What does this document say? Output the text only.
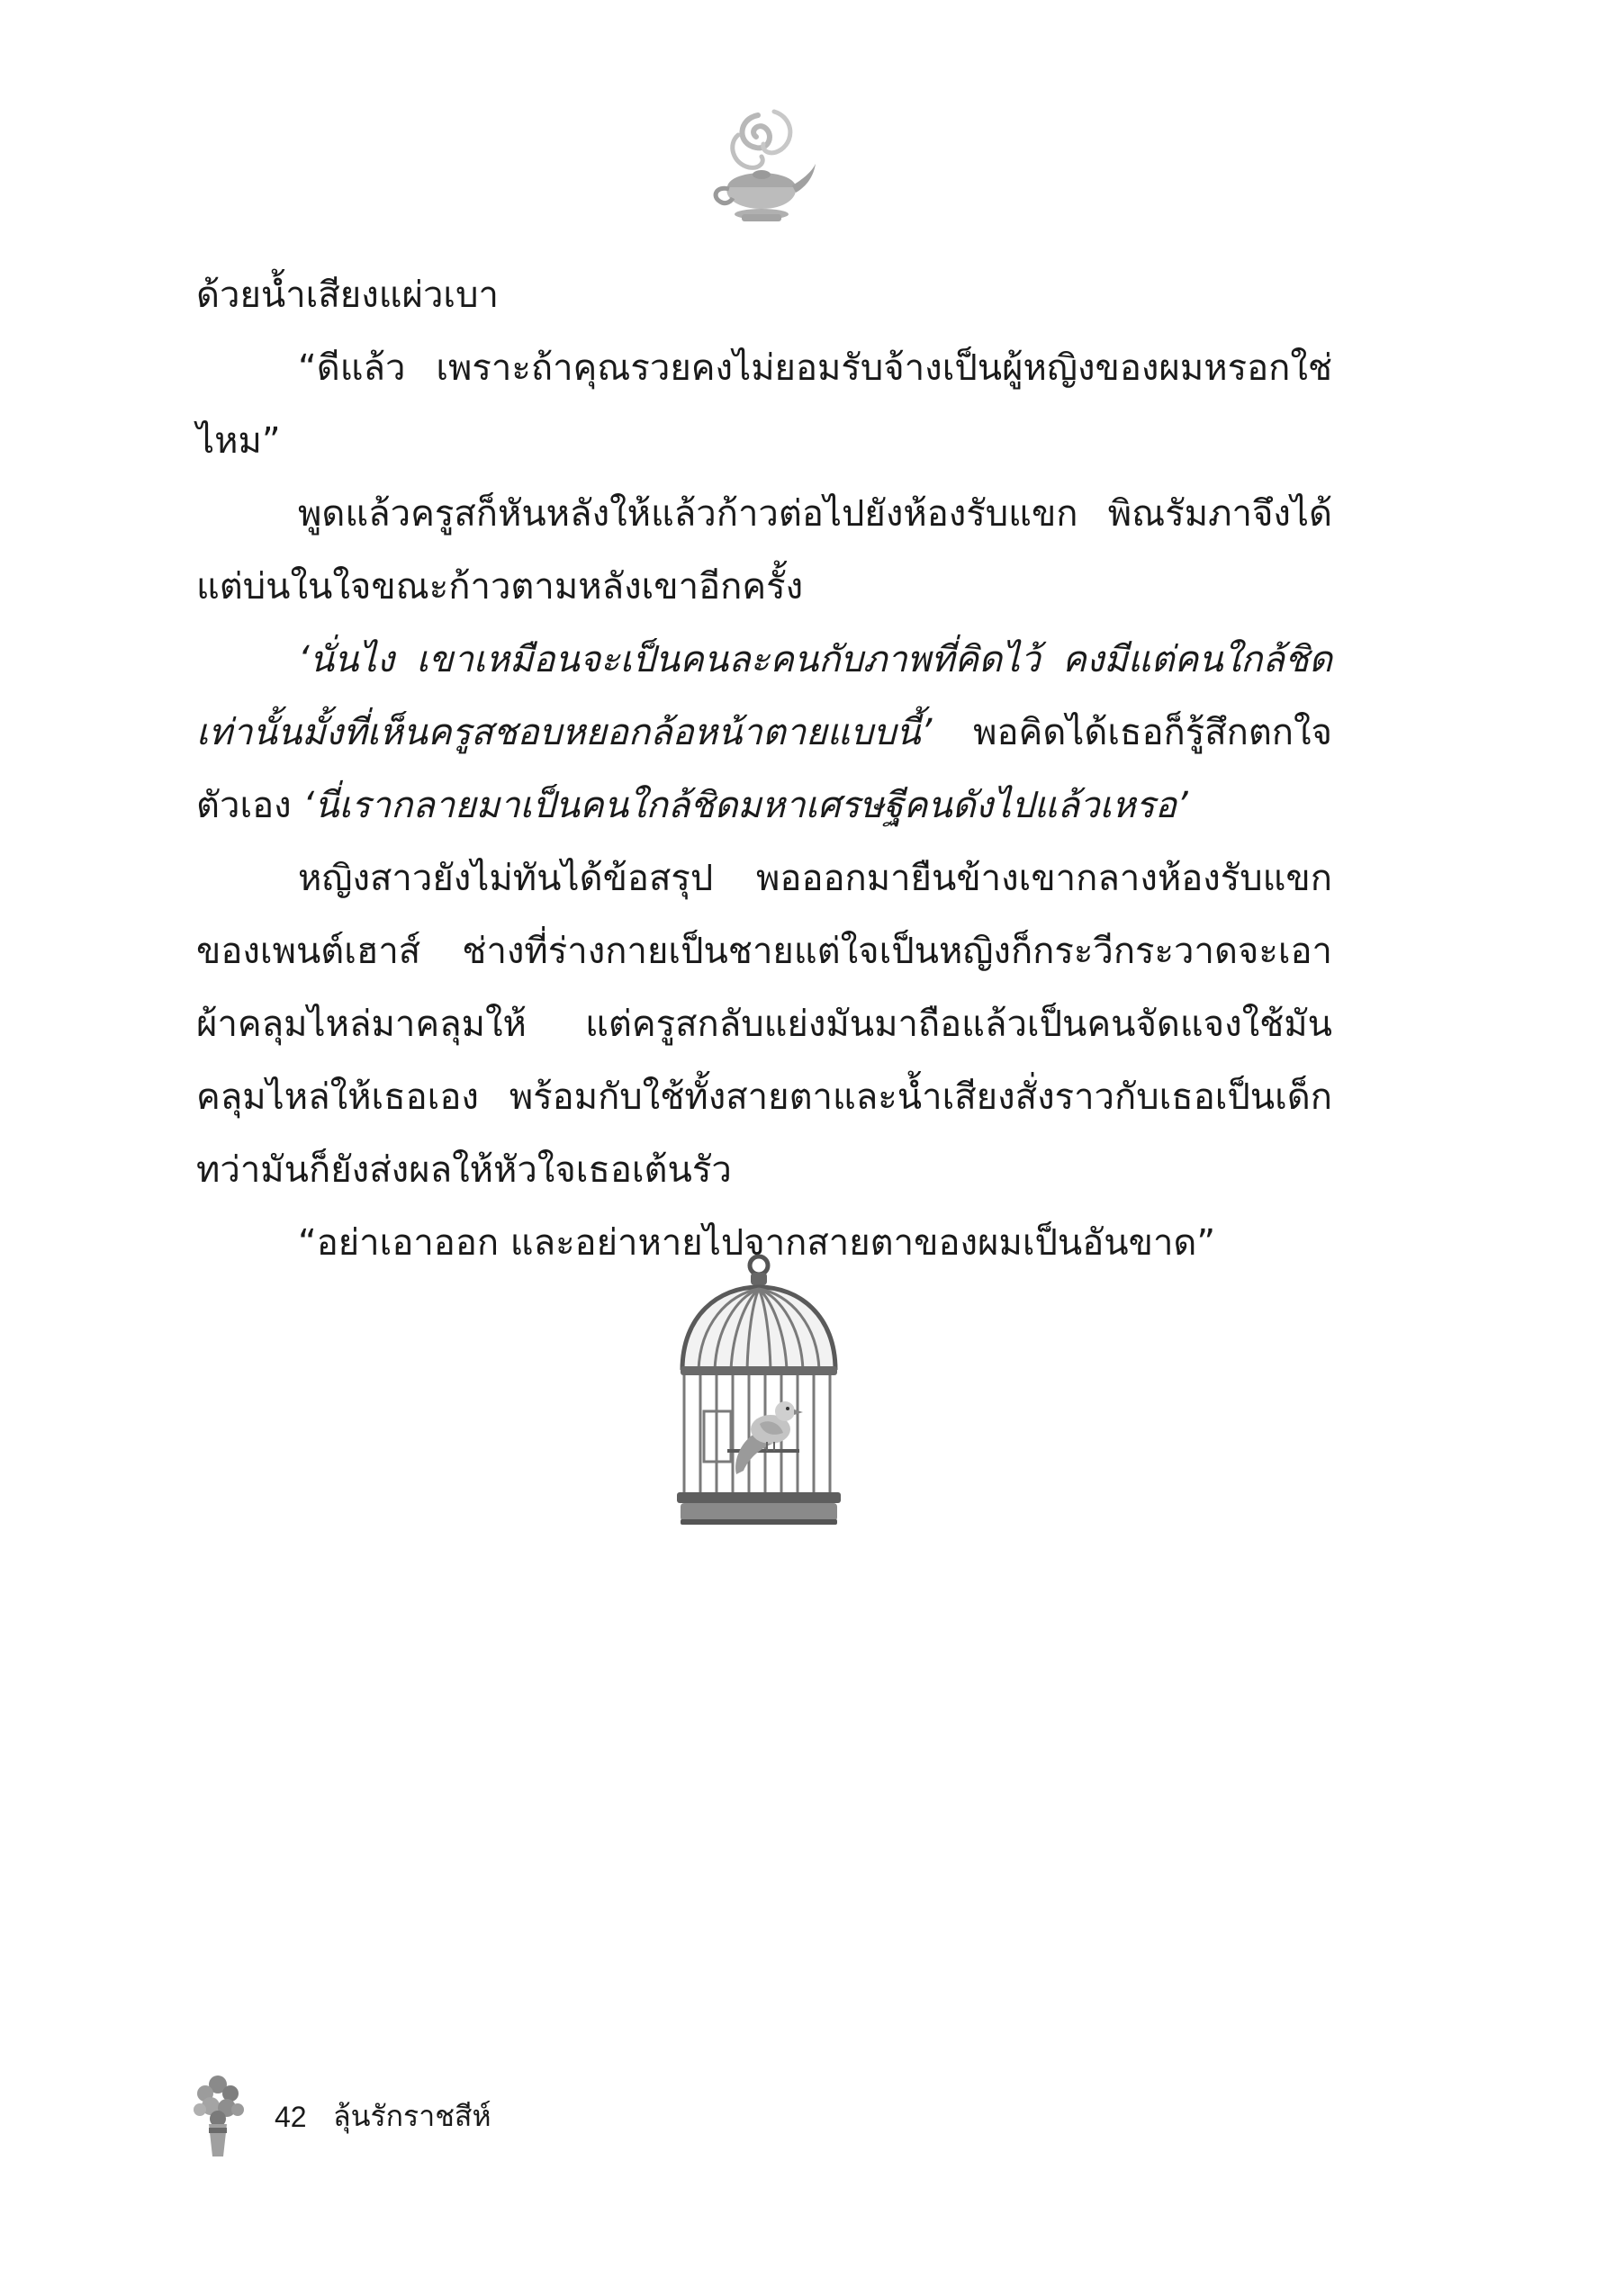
ด้วยน้ำเสียงแผ่วเบา

“ดีแล้ว เพราะถ้าคุณรวยคงไม่ยอมรับจ้างเป็นผู้หญิงของผมหรอกใช่ไหม”

พูดแล้วครูสก็หันหลังให้แล้วก้าวต่อไปยังห้องรับแขก พิณรัมภาจึงได้แต่บ่นในใจขณะก้าวตามหลังเขาอีกครั้ง

‘นั่นไง เขาเหมือนจะเป็นคนละคนกับภาพที่คิดไว้ คงมีแต่คนใกล้ชิดเท่านั้นมั้งที่เห็นครูสชอบหยอกล้อหน้าตายแบบนี้’ พอคิดได้เธอก็รู้สึกตกใจตัวเอง ‘นี่เรากลายมาเป็นคนใกล้ชิดมหาเศรษฐีคนดังไปแล้วเหรอ’

หญิงสาวยังไม่ทันได้ข้อสรุป พอออกมายืนข้างเขากลางห้องรับแขกของเพนต์เฮาส์ ช่างที่ร่างกายเป็นชายแต่ใจเป็นหญิงก็กระวีกระวาดจะเอาผ้าคลุมไหล่มาคลุมให้ แต่ครูสกลับแย่งมันมาถือแล้วเป็นคนจัดแจงใช้มันคลุมไหล่ให้เธอเอง พร้อมกับใช้ทั้งสายตาและน้ำเสียงสั่งราวกับเธอเป็นเด็กทว่ามันก็ยังส่งผลให้หัวใจเธอเต้นรัว

“อย่าเอาออก และอย่าหายไปจากสายตาของผมเป็นอันขาด”

42 ลุ้นรักราชสีห์
